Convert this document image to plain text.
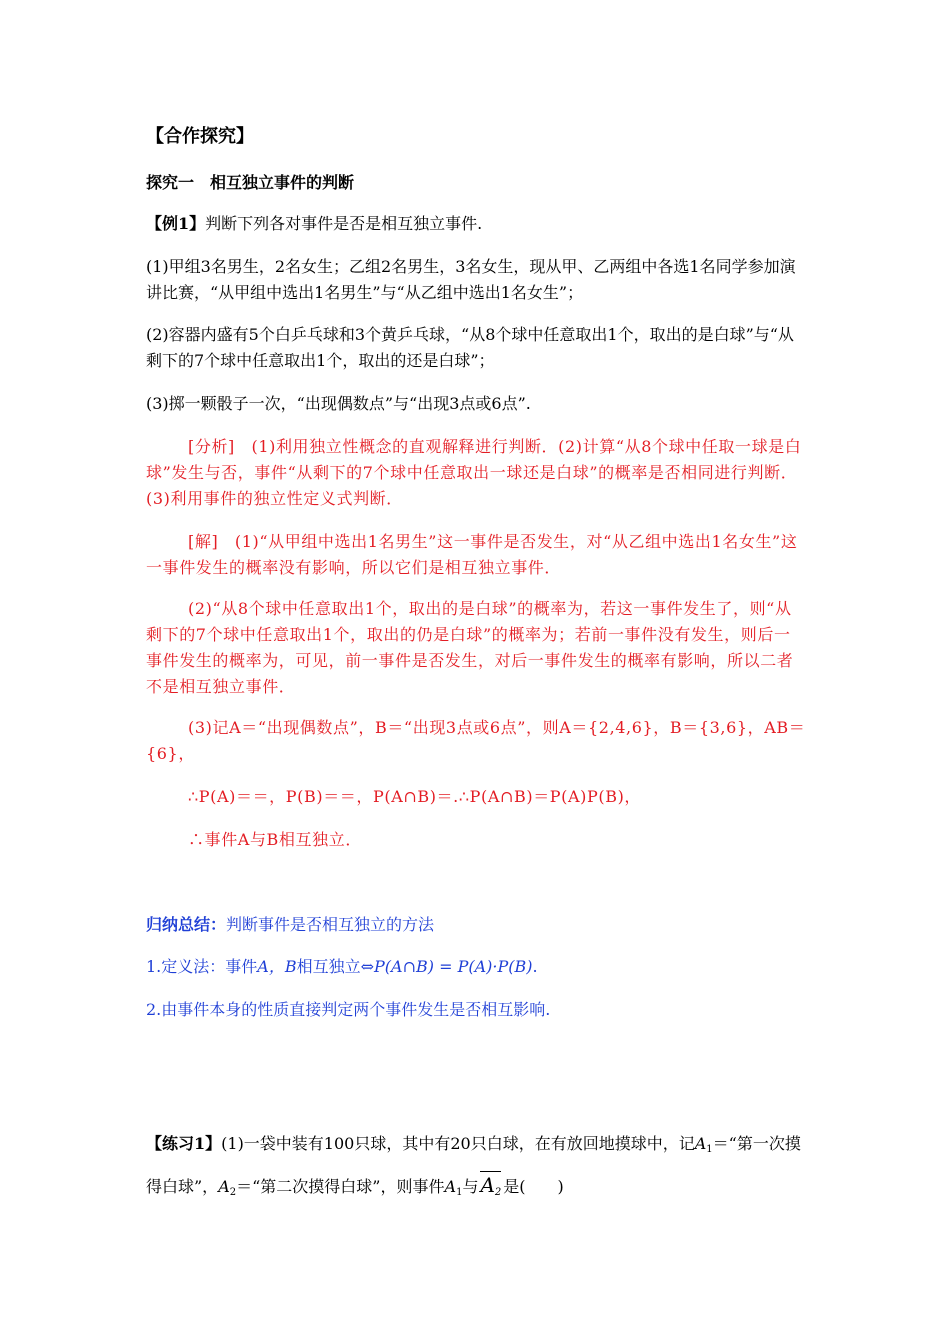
【合作探究】
探究一　相互独立事件的判断
【例1】判断下列各对事件是否是相互独立事件.
(1)甲组3名男生，2名女生；乙组2名男生，3名女生，现从甲、乙两组中各选1名同学参加演讲比赛，“从甲组中选出1名男生”与“从乙组中选出1名女生”；
(2)容器内盛有5个白乒乓球和3个黄乒乓球，“从8个球中任意取出1个，取出的是白球”与“从剩下的7个球中任意取出1个，取出的还是白球”；
(3)掷一颗骰子一次，“出现偶数点”与“出现3点或6点”.
[分析]　(1)利用独立性概念的直观解释进行判断．(2)计算“从8个球中任取一球是白球”发生与否，事件“从剩下的7个球中任意取出一球还是白球”的概率是否相同进行判断．(3)利用事件的独立性定义式判断．
[解]　(1)“从甲组中选出1名男生”这一事件是否发生，对“从乙组中选出1名女生”这一事件发生的概率没有影响，所以它们是相互独立事件．
(2)“从8个球中任意取出1个，取出的是白球”的概率为，若这一事件发生了，则“从剩下的7个球中任意取出1个，取出的仍是白球”的概率为；若前一事件没有发生，则后一事件发生的概率为，可见，前一事件是否发生，对后一事件发生的概率有影响，所以二者不是相互独立事件．
(3)记A＝“出现偶数点”，B＝“出现3点或6点”，则A＝{2,4,6}，B＝{3,6}，AB＝{6}，
∴P(A)＝＝，P(B)＝＝，P(A∩B)＝.∴P(A∩B)＝P(A)P(B)，
∴事件A与B相互独立．
归纳总结：判断事件是否相互独立的方法
1.定义法：事件A，B相互独立⇔P(A∩B) = P(A)·P(B).
2.由事件本身的性质直接判定两个事件发生是否相互影响.
【练习1】(1)一袋中装有100只球，其中有20只白球，在有放回地摸球中，记A1＝“第一次摸得白球”，A2＝“第二次摸得白球”，则事件A1与 A2 是(　　)
